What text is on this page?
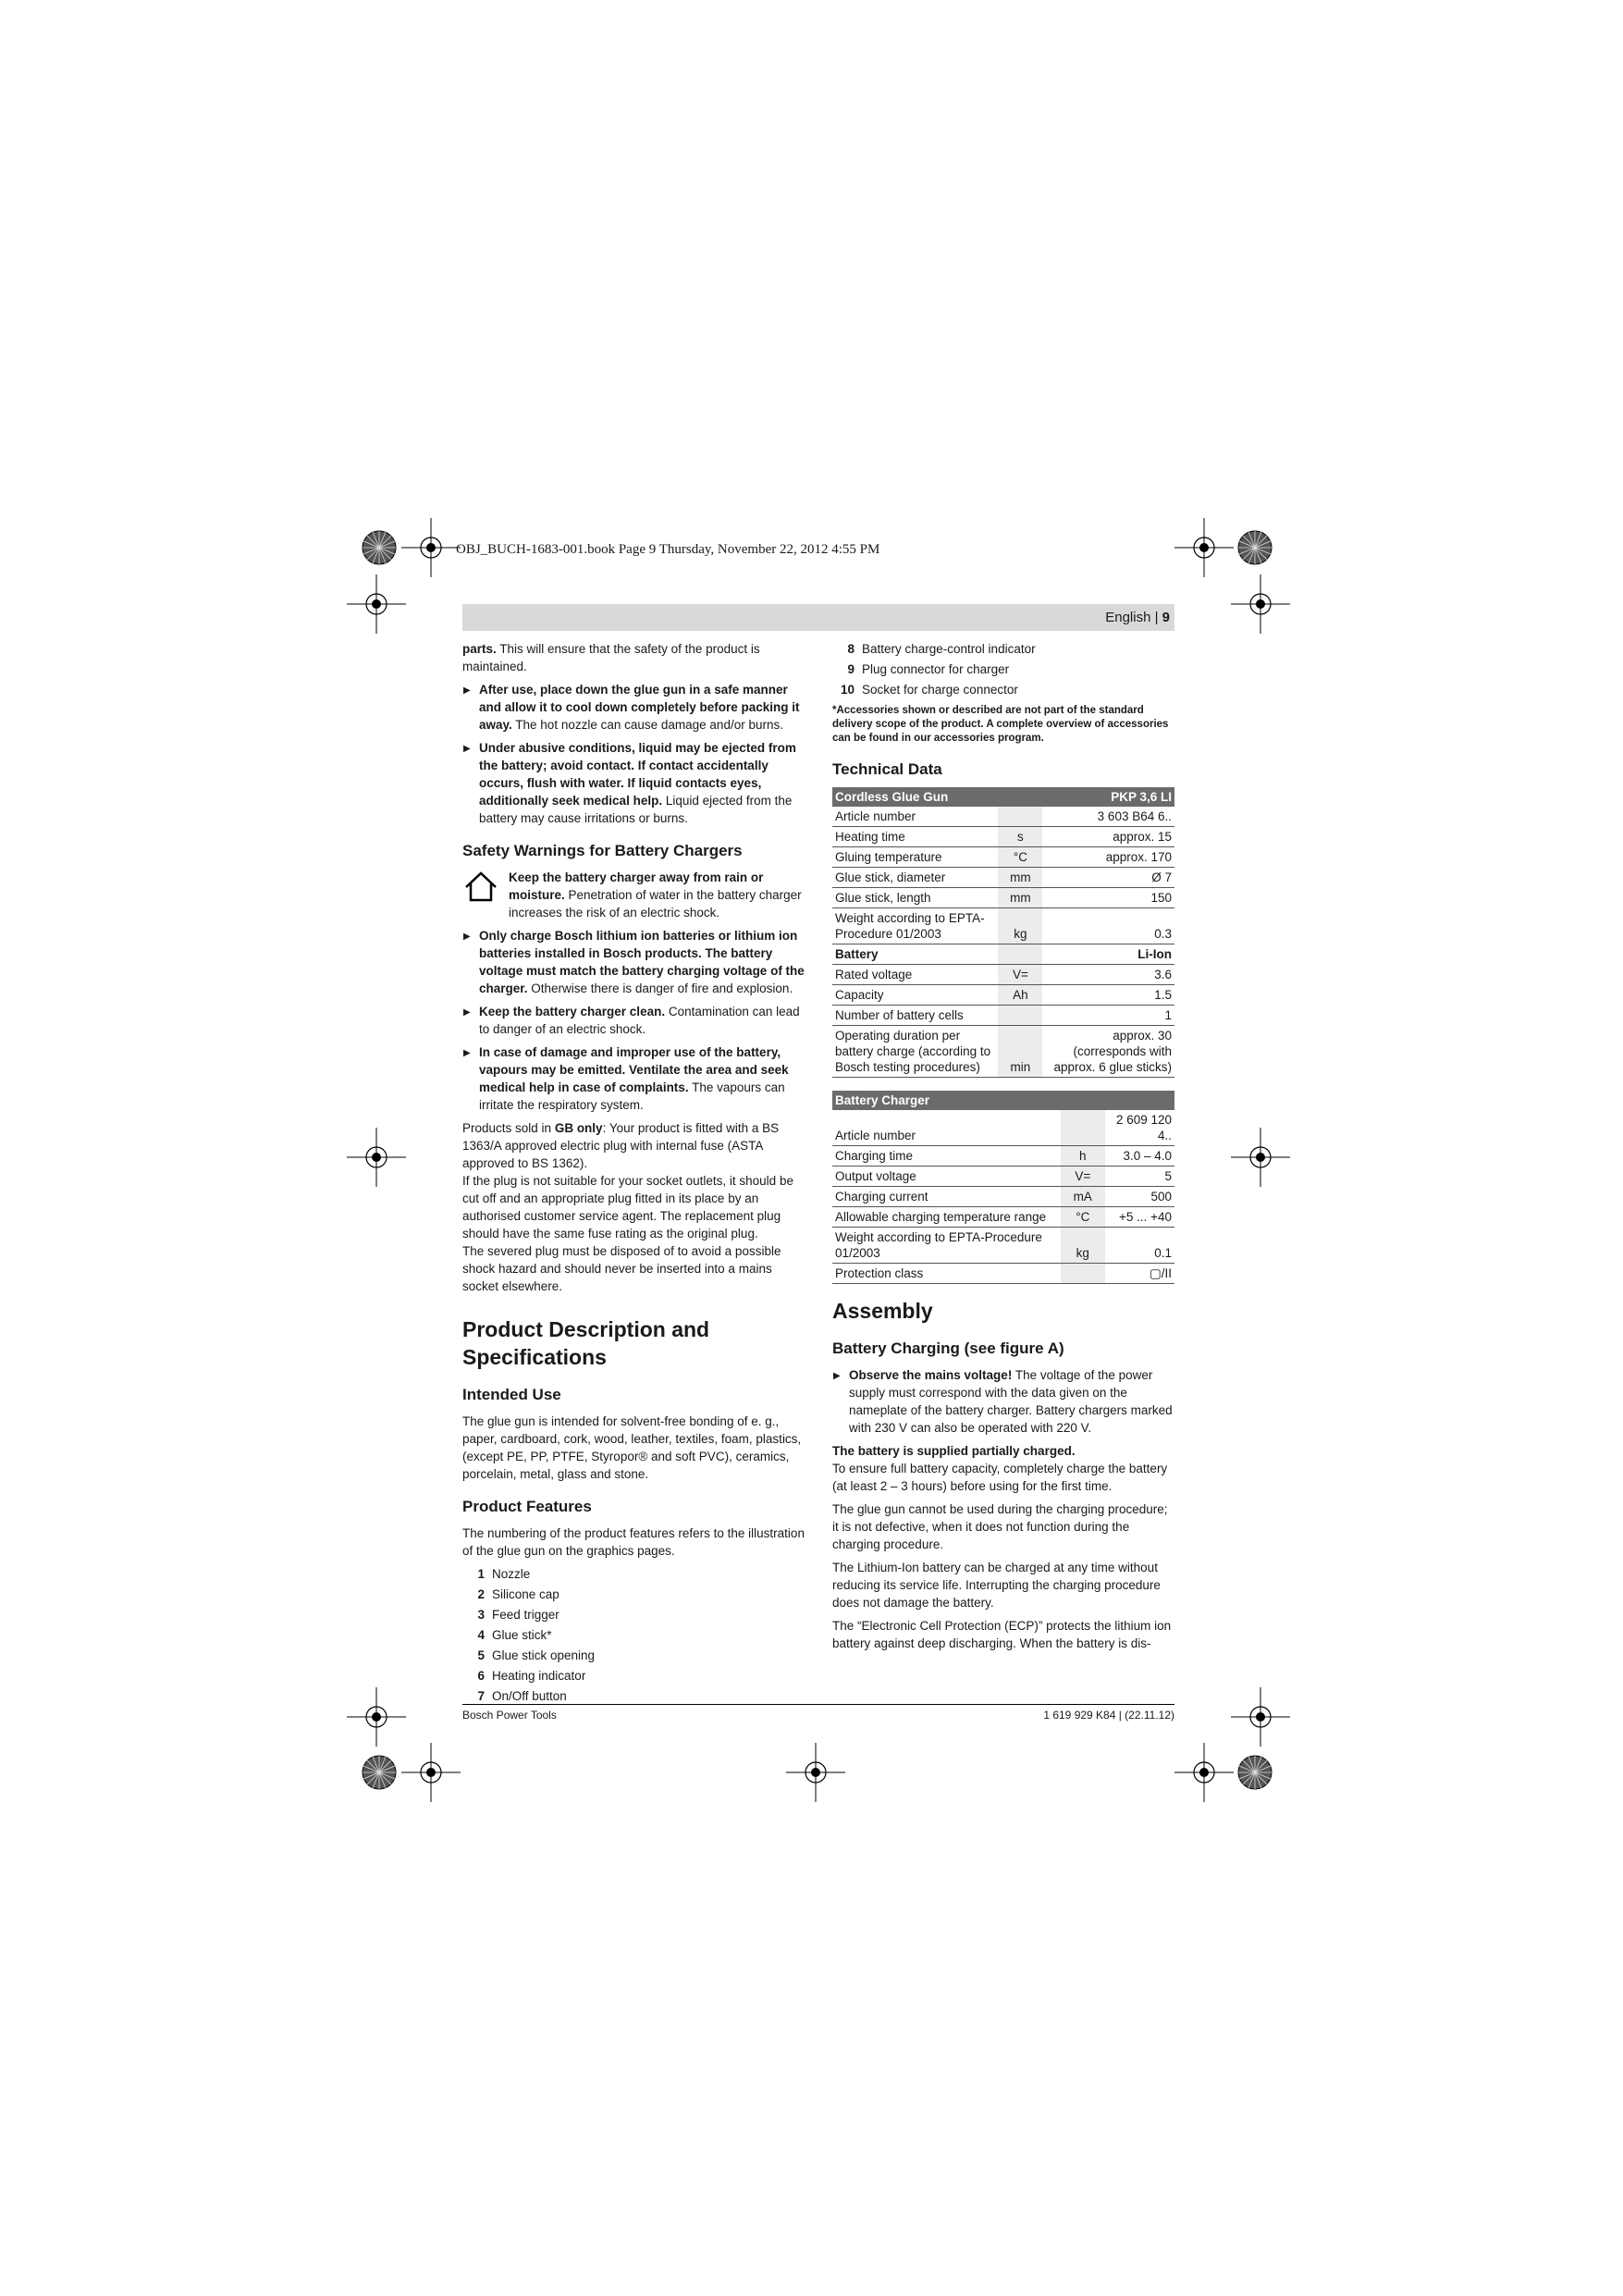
OBJ_BUCH-1683-001.book Page 9 Thursday, November 22, 2012 4:55 PM
English | 9

parts. This will ensure that the safety of the product is maintained.

▶ After use, place down the glue gun in a safe manner and allow it to cool down completely before packing it away. The hot nozzle can cause damage and/or burns.
▶ Under abusive conditions, liquid may be ejected from the battery; avoid contact. If contact accidentally occurs, flush with water. If liquid contacts eyes, additionally seek medical help. Liquid ejected from the battery may cause irritations or burns.
Safety Warnings for Battery Chargers
Keep the battery charger away from rain or moisture. Penetration of water in the battery charger increases the risk of an electric shock.
▶ Only charge Bosch lithium ion batteries or lithium ion batteries installed in Bosch products. The battery voltage must match the battery charging voltage of the charger. Otherwise there is danger of fire and explosion.
▶ Keep the battery charger clean. Contamination can lead to danger of an electric shock.
▶ In case of damage and improper use of the battery, vapours may be emitted. Ventilate the area and seek medical help in case of complaints. The vapours can irritate the respiratory system.

Products sold in GB only: Your product is fitted with a BS 1363/A approved electric plug with internal fuse (ASTA approved to BS 1362).

If the plug is not suitable for your socket outlets, it should be cut off and an appropriate plug fitted in its place by an authorised customer service agent. The replacement plug should have the same fuse rating as the original plug.

The severed plug must be disposed of to avoid a possible shock hazard and should never be inserted into a mains socket elsewhere.

Product Description and Specifications
Intended Use

The glue gun is intended for solvent-free bonding of e. g., paper, cardboard, cork, wood, leather, textiles, foam, plastics, (except PE, PP, PTFE, Styropor® and soft PVC), ceramics, porcelain, metal, glass and stone.

Product Features

The numbering of the product features refers to the illustration of the glue gun on the graphics pages.

1 Nozzle
2 Silicone cap
3 Feed trigger
4 Glue stick*
5 Glue stick opening
6 Heating indicator
7 On/Off button
8 Battery charge-control indicator
9 Plug connector for charger
10 Socket for charge connector
*Accessories shown or described are not part of the standard delivery scope of the product. A complete overview of accessories can be found in our accessories program.
Technical Data
Cordless Glue Gun		PKP 3,6 LI
Article number		3 603 B64 6..
Heating time	s	approx. 15
Gluing temperature	°C	approx. 170
Glue stick, diameter	mm	Ø 7
Glue stick, length	mm	150
Weight according to EPTA-Procedure 01/2003	kg	0.3
Battery		Li-Ion
Rated voltage	V=	3.6
Capacity	Ah	1.5
Number of battery cells		1
Operating duration per battery charge (according to Bosch testing procedures)	min	approx. 30 (corresponds with approx. 6 glue sticks)
Battery Charger		
Article number		2 609 120 4..
Charging time	h	3.0 – 4.0
Output voltage	V=	5
Charging current	mA	500
Allowable charging temperature range	°C	+5 ... +40
Weight according to EPTA-Procedure 01/2003	kg	0.1
Protection class		▢/II
Assembly
Battery Charging (see figure A)
▶ Observe the mains voltage! The voltage of the power supply must correspond with the data given on the nameplate of the battery charger. Battery chargers marked with 230 V can also be operated with 220 V.

The battery is supplied partially charged.

To ensure full battery capacity, completely charge the battery (at least 2 – 3 hours) before using for the first time.

The glue gun cannot be used during the charging procedure; it is not defective, when it does not function during the charging procedure.

The Lithium-Ion battery can be charged at any time without reducing its service life. Interrupting the charging procedure does not damage the battery.

The “Electronic Cell Protection (ECP)” protects the lithium ion battery against deep discharging. When the battery is dis-

Bosch Power Tools	1 619 929 K84 | (22.11.12)
